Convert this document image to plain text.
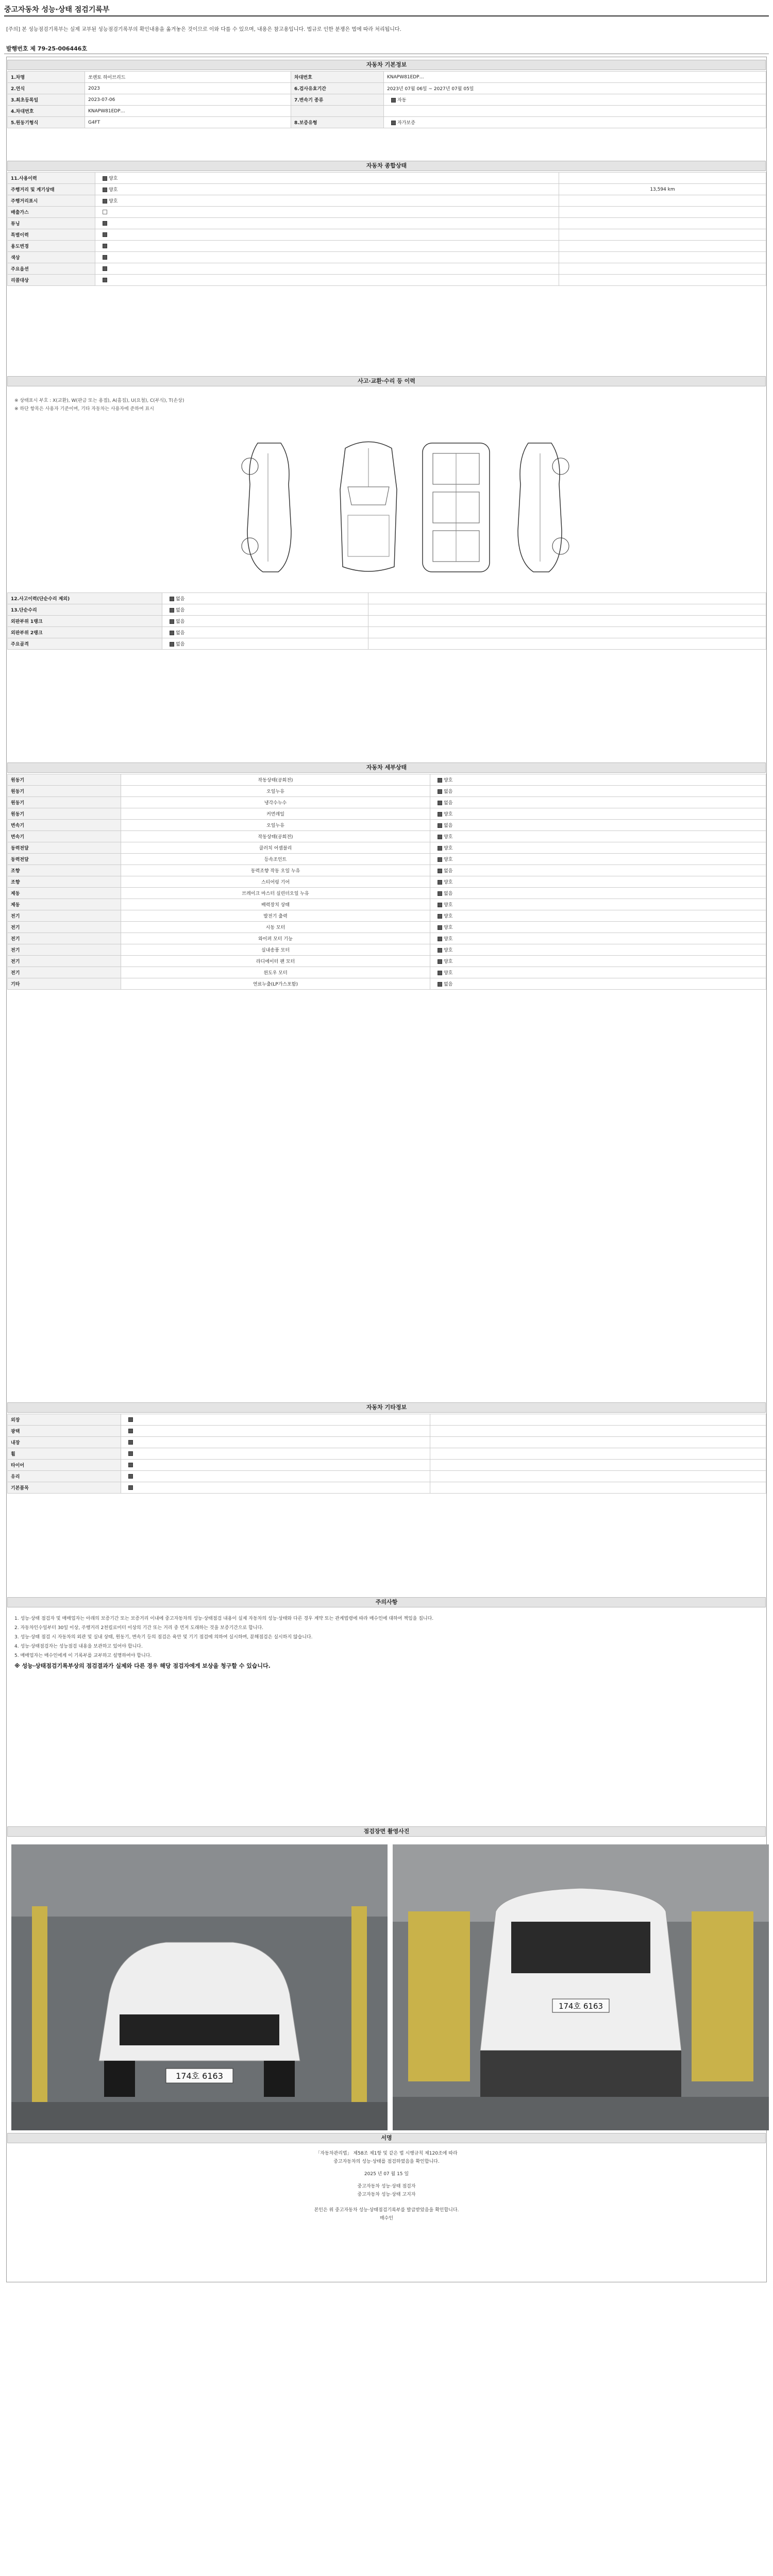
중고자동차 성능·상태 점검기록부
[주의] 본 성능점검기록부는 실제 교부된 성능점검기록부의 확인내용을 옮겨놓은 것이므로 이와 다를 수 있으며, 내용은 참고용입니다. 법규로 인한 분쟁은 법에 따라 처리됩니다.
발행번호 제 79-25-006446호
자동차 기본정보
1.차명	쏘렌토 하이브리드	차대번호	KNAPW81EDP…
2.연식	2023	6.검사유효기간	2023년 07월 06일 ~ 2027년 07월 05일
3.최초등록일	2023-07-06	7.변속기 종류	자동
4.차대번호	KNAPW81EDP…		
5.원동기형식	G4FT	8.보증유형	자가보증
자동차 종합상태
11.사용이력	양호	
주행거리 및 계기상태	양호	13,594 km
주행거리표시	양호	
배출가스		
튜닝		
특별이력		
용도변경		
색상		
주요옵션		
리콜대상		
사고·교환·수리 등 이력
※ 상태표시 부호 : X(교환), W(판금 또는 용접), A(흠집), U(요철), C(부식), T(손상)
※ 하단 항목은 사용자 기준이며, 기타 자동차는 사용자에 준하여 표시
12.사고이력(단순수리 제외)	없음	
13.단순수리	없음	
외판부위 1랭크	없음	
외판부위 2랭크	없음	
주요골격	없음	
자동차 세부상태
원동기	작동상태(공회전)	양호
원동기	오일누유	없음
원동기	냉각수누수	없음
원동기	커먼레일	양호
변속기	오일누유	없음
변속기	작동상태(공회전)	양호
동력전달	클러치 어셈블리	양호
동력전달	등속조인트	양호
조향	동력조향 작동 오일 누유	없음
조향	스티어링 기어	양호
제동	브레이크 마스터 실린더오일 누유	없음
제동	배력장치 상태	양호
전기	발전기 출력	양호
전기	시동 모터	양호
전기	와이퍼 모터 기능	양호
전기	실내송풍 모터	양호
전기	라디에이터 팬 모터	양호
전기	윈도우 모터	양호
기타	연료누출(LP가스포함)	없음
자동차 기타정보
외장		
광택		
내장		
휠		
타이어		
유리		
기본품목		
주의사항

1. 성능·상태 점검자 및 매매업자는 아래의 보증기간 또는 보증거리 이내에 중고자동차의 성능·상태점검 내용이 실제 자동차의 성능·상태와 다른 경우 계약 또는 관계법령에 따라 매수인에 대하여 책임을 집니다.

2. 자동차인수일부터 30일 이상, 주행거리 2천킬로미터 이상의 기간 또는 거리 중 먼저 도래하는 것을 보증기간으로 합니다.

3. 성능·상태 점검 시 자동차의 외관 및 실내 상태, 원동기, 변속기 등의 점검은 육안 및 기기 점검에 의하여 실시하며, 분해점검은 실시하지 않습니다.

4. 성능·상태점검자는 성능점검 내용을 보관하고 있어야 합니다.

5. 매매업자는 매수인에게 이 기록부를 교부하고 설명하여야 합니다.

※ 성능·상태점검기록부상의 점검결과가 실제와 다른 경우 해당 점검자에게 보상을 청구할 수 있습니다.

점검장면 촬영사진
174호 6163
174호 6163
서명
「자동차관리법」 제58조 제1항 및 같은 법 시행규칙 제120조에 따라
중고자동차의 성능·상태를 점검하였음을 확인합니다.
2025 년 07 월 15 일
중고자동차 성능·상태 점검자
중고자동차 성능·상태 고지자
본인은 위 중고자동차 성능·상태점검기록부를 발급받았음을 확인합니다.
매수인
